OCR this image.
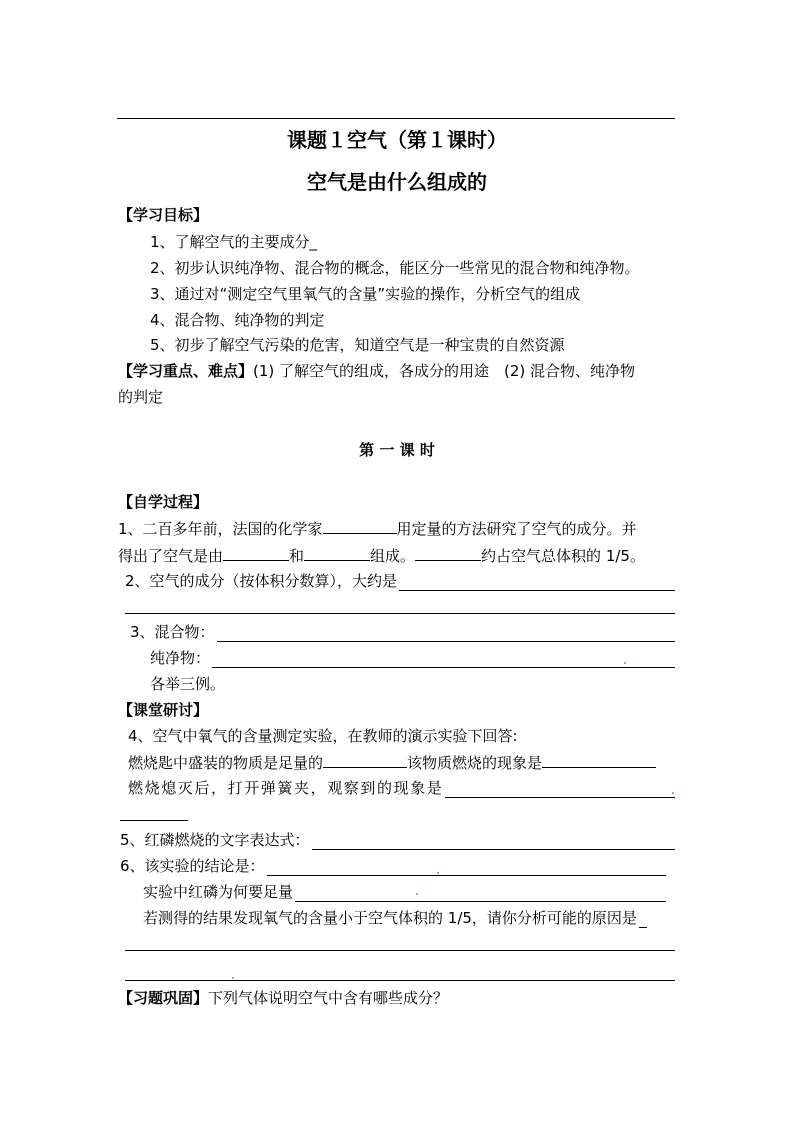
课题１空气（第１课时）
空气是由什么组成的
【学习目标】
1、了解空气的主要成分_
2、初步认识纯净物、混合物的概念，能区分一些常见的混合物和纯净物。
3、通过对“测定空气里氧气的含量”实验的操作，分析空气的组成
4、混合物、纯净物的判定
5、初步了解空气污染的危害，知道空气是一种宝贵的自然资源
【学习重点、难点】(1) 了解空气的组成，各成分的用途　(2) 混合物、纯净物
的判定
第 一 课 时
【自学过程】
1、二百多年前，法国的化学家	用定量的方法研究了空气的成分。并
得出了空气是由	和	组成。	约占空气总体积的 1/5。
2、空气的成分（按体积分数算），大约是
3、混合物：
纯净物：
各举三例。
【课堂研讨】
4、空气中氧气的含量测定实验，在教师的演示实验下回答:
燃烧匙中盛装的物质是足量的	该物质燃烧的现象是
燃烧熄灭后，打开弹簧夹，观察到的现象是
5、红磷燃烧的文字表达式：
6、该实验的结论是：
实验中红磷为何要足量
若测得的结果发现氧气的含量小于空气体积的 1/5，请你分析可能的原因是
【习题巩固】下列气体说明空气中含有哪些成分？
